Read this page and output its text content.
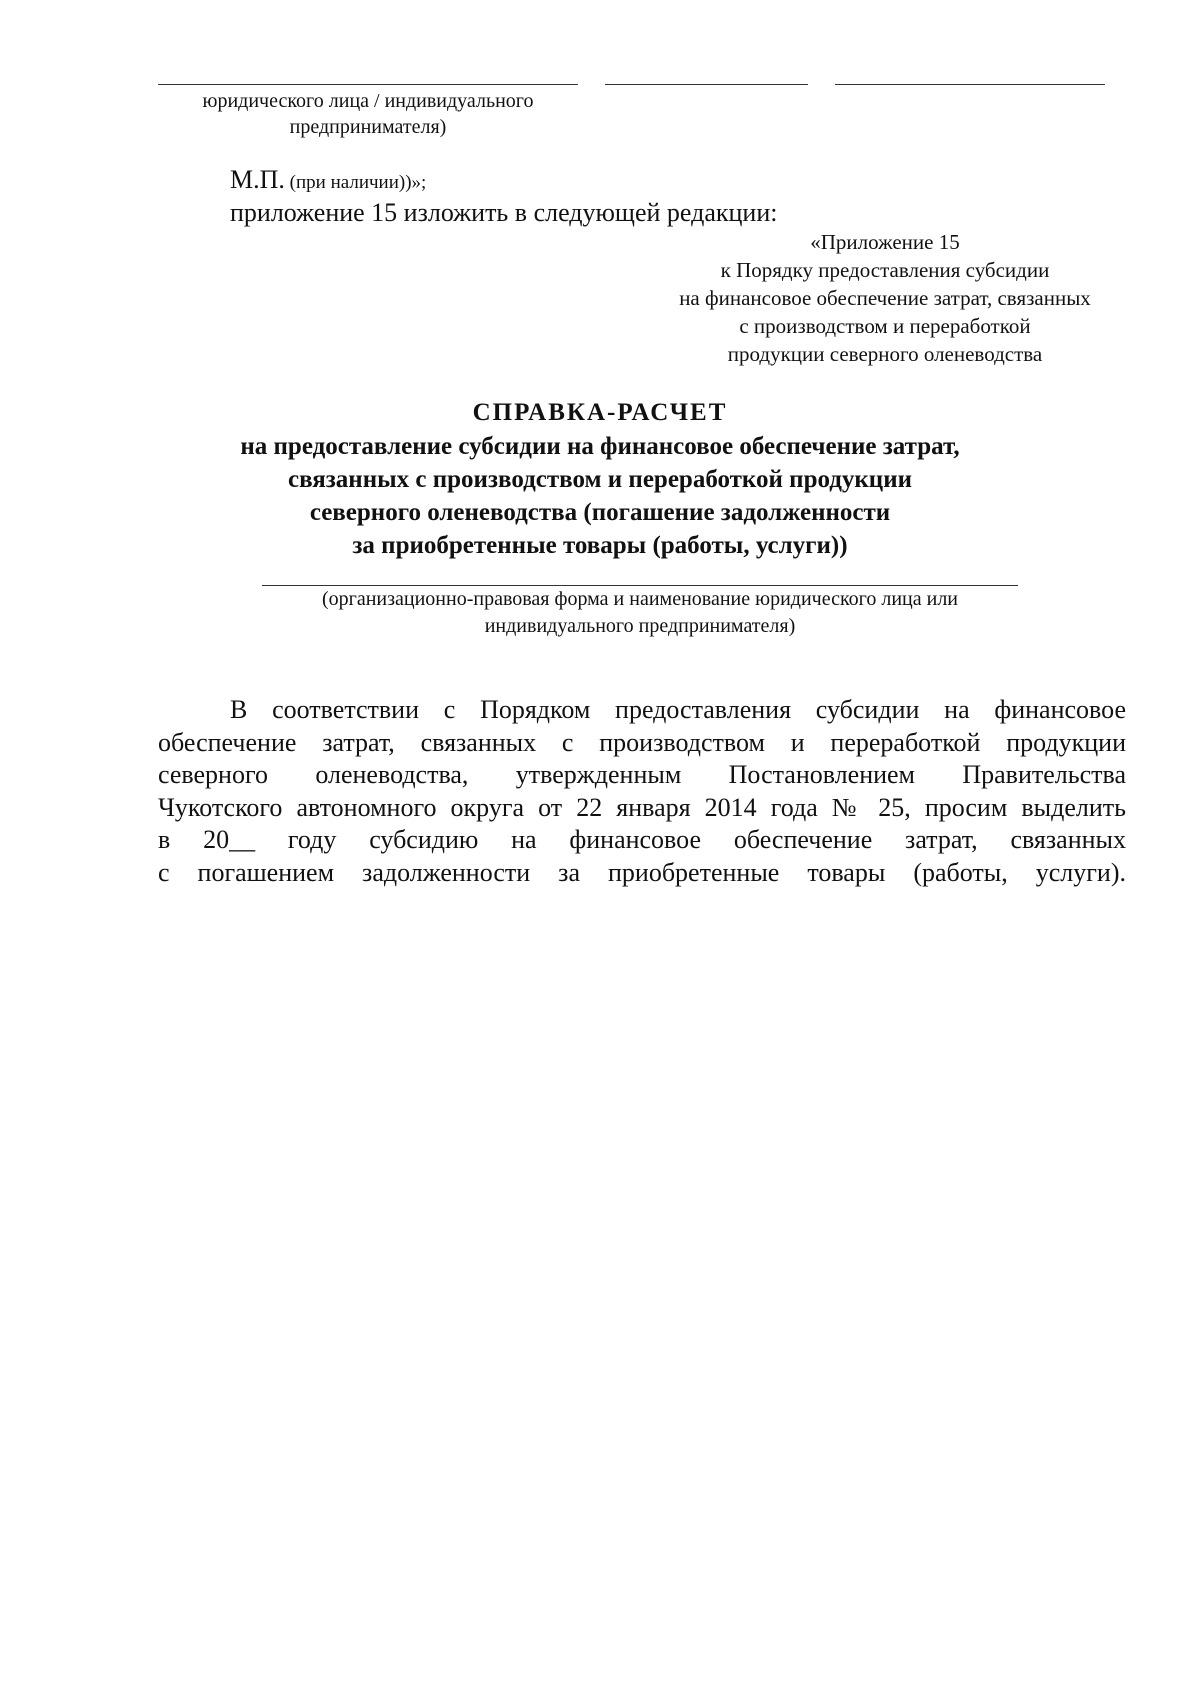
юридического лица / индивидуального
предпринимателя)
М.П. (при наличии))»;
приложение 15 изложить в следующей редакции:
«Приложение 15
к Порядку предоставления субсидии
на финансовое обеспечение затрат, связанных
с производством и переработкой
продукции северного оленеводства
СПРАВКА-РАСЧЕТ
на предоставление субсидии на финансовое обеспечение затрат,
связанных с производством и переработкой продукции
северного оленеводства (погашение задолженности
за приобретенные товары (работы, услуги))
(организационно-правовая форма и наименование юридического лица или
индивидуального предпринимателя)
В соответствии с Порядком предоставления субсидии на финансовое
обеспечение затрат, связанных с производством и переработкой продукции
северного оленеводства, утвержденным Постановлением Правительства
Чукотского автономного округа от 22 января 2014 года № 25, просим выделить
в 20__ году субсидию на финансовое обеспечение затрат, связанных
с погашением задолженности за приобретенные товары (работы, услуги).
